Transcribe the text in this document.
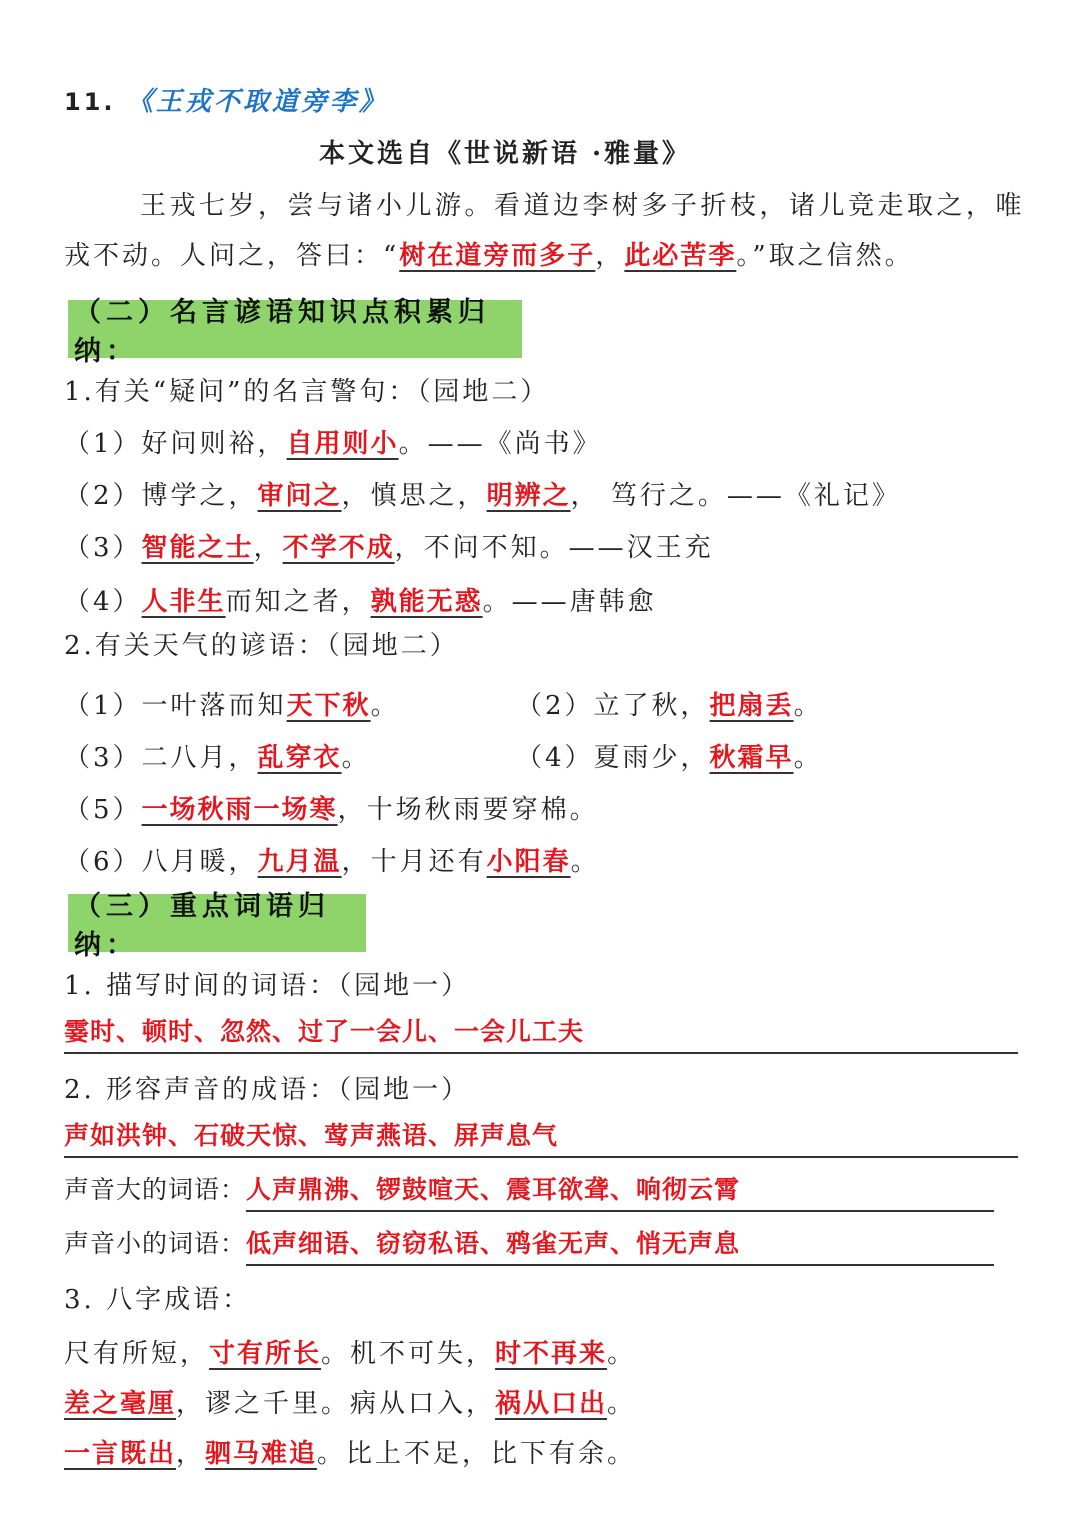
11. 《王戎不取道旁李》
本文选自《世说新语 ·雅量》
王戎七岁，尝与诸小儿游。看道边李树多子折枝，诸儿竞走取之，唯
戎不动。人问之，答曰：“树在道旁而多子，此必苦李。”取之信然。
（二）名言谚语知识点积累归纳：
1.有关“疑问”的名言警句：（园地二）
（1）好问则裕，自用则小。——《尚书》
（2）博学之，审问之，慎思之，明辨之， 笃行之。——《礼记》
（3）智能之士，不学不成，不问不知。——汉王充
（4）人非生而知之者，孰能无惑。——唐韩愈
2.有关天气的谚语：（园地二）
（1）一叶落而知天下秋。	（2）立了秋，把扇丢。
（3）二八月，乱穿衣。	（4）夏雨少，秋霜早。
（5）一场秋雨一场寒，十场秋雨要穿棉。
（6）八月暖，九月温，十月还有小阳春。
（三）重点词语归纳：
1. 描写时间的词语：（园地一）
霎时、顿时、忽然、过了一会儿、一会儿工夫
2. 形容声音的成语：（园地一）
声如洪钟、石破天惊、莺声燕语、屏声息气
声音大的词语：人声鼎沸、锣鼓喧天、震耳欲聋、响彻云霄
声音小的词语：低声细语、窃窃私语、鸦雀无声、悄无声息
3. 八字成语：
尺有所短，寸有所长。机不可失，时不再来。
差之毫厘，谬之千里。病从口入，祸从口出。
一言既出，驷马难追。比上不足，比下有余。
